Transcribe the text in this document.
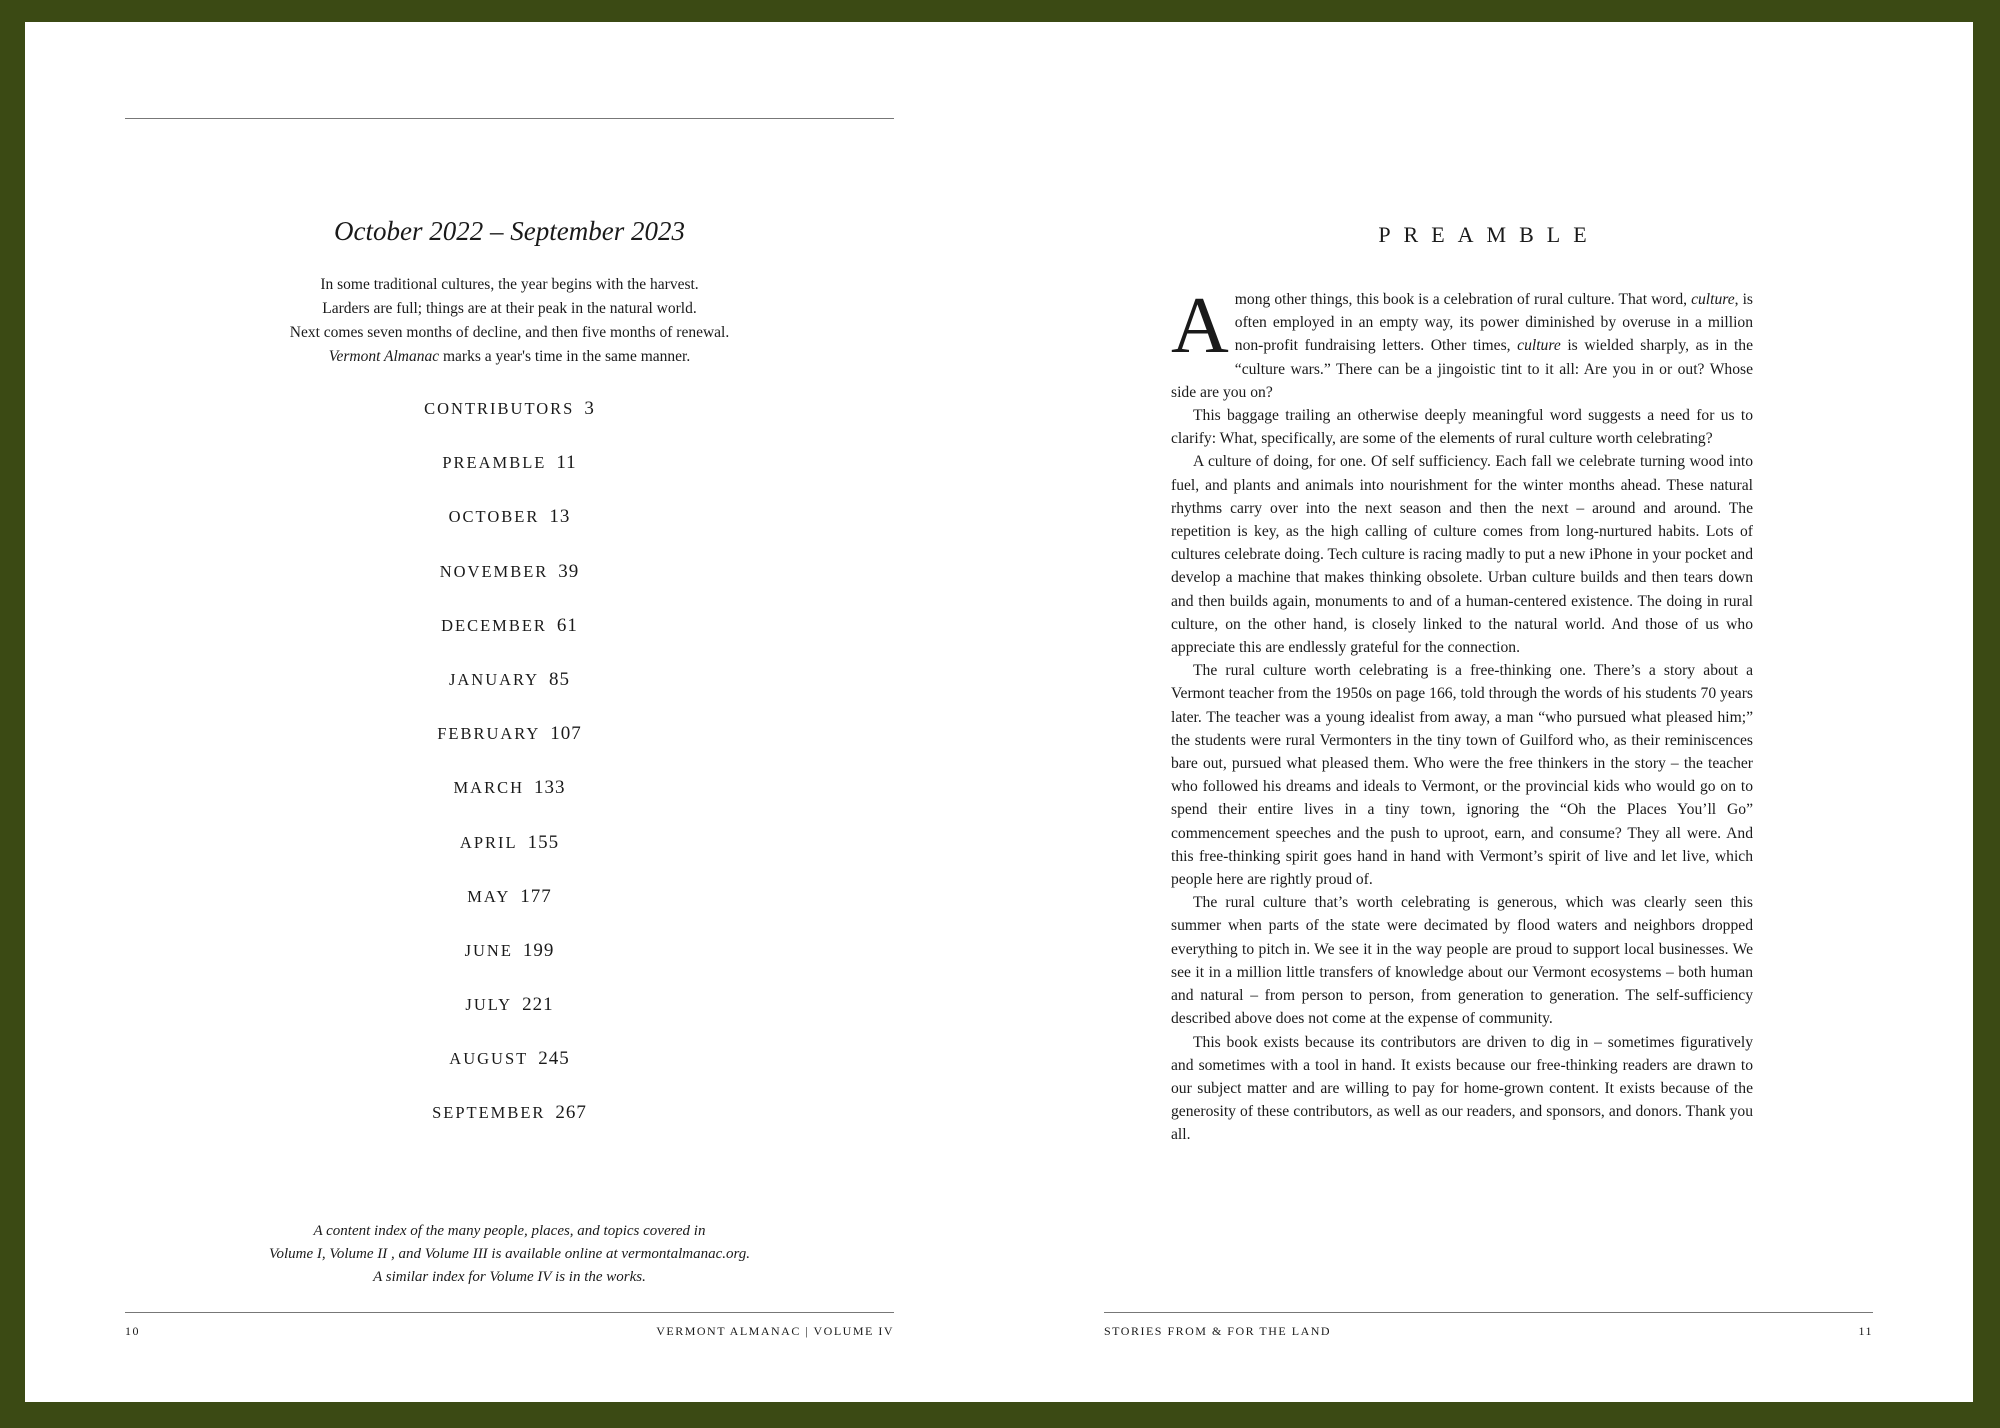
October 2022 – September 2023
In some traditional cultures, the year begins with the harvest.
Larders are full; things are at their peak in the natural world.
Next comes seven months of decline, and then five months of renewal.
Vermont Almanac marks a year's time in the same manner.
CONTRIBUTORS 3
PREAMBLE 11
OCTOBER 13
NOVEMBER 39
DECEMBER 61
JANUARY 85
FEBRUARY 107
MARCH 133
APRIL 155
MAY 177
JUNE 199
JULY 221
AUGUST 245
SEPTEMBER 267
A content index of the many people, places, and topics covered in
Volume I, Volume II , and Volume III is available online at vermontalmanac.org.
A similar index for Volume IV is in the works.
10	VERMONT ALMANAC | VOLUME IV
PREAMBLE

Among other things, this book is a celebration of rural culture. That word, culture, is often employed in an empty way, its power diminished by overuse in a million non-profit fundraising letters. Other times, culture is wielded sharply, as in the “culture wars.” There can be a jingoistic tint to it all: Are you in or out? Whose side are you on?

This baggage trailing an otherwise deeply meaningful word suggests a need for us to clarify: What, specifically, are some of the elements of rural culture worth celebrating?

A culture of doing, for one. Of self sufficiency. Each fall we celebrate turning wood into fuel, and plants and animals into nourishment for the winter months ahead. These natural rhythms carry over into the next season and then the next – around and around. The repetition is key, as the high calling of culture comes from long-nurtured habits. Lots of cultures celebrate doing. Tech culture is racing madly to put a new iPhone in your pocket and develop a machine that makes thinking obsolete. Urban culture builds and then tears down and then builds again, monuments to and of a human-centered existence. The doing in rural culture, on the other hand, is closely linked to the natural world. And those of us who appreciate this are endlessly grateful for the connection.

The rural culture worth celebrating is a free-thinking one. There’s a story about a Vermont teacher from the 1950s on page 166, told through the words of his students 70 years later. The teacher was a young idealist from away, a man “who pursued what pleased him;” the students were rural Vermonters in the tiny town of Guilford who, as their reminiscences bare out, pursued what pleased them. Who were the free thinkers in the story – the teacher who followed his dreams and ideals to Vermont, or the provincial kids who would go on to spend their entire lives in a tiny town, ignoring the “Oh the Places You’ll Go” commencement speeches and the push to uproot, earn, and consume? They all were. And this free-thinking spirit goes hand in hand with Vermont’s spirit of live and let live, which people here are rightly proud of.

The rural culture that’s worth celebrating is generous, which was clearly seen this summer when parts of the state were decimated by flood waters and neighbors dropped everything to pitch in. We see it in the way people are proud to support local businesses. We see it in a million little transfers of knowledge about our Vermont ecosystems – both human and natural – from person to person, from generation to generation. The self-sufficiency described above does not come at the expense of community.

This book exists because its contributors are driven to dig in – sometimes figuratively and sometimes with a tool in hand. It exists because our free-thinking readers are drawn to our subject matter and are willing to pay for home-grown content. It exists because of the generosity of these contributors, as well as our readers, and sponsors, and donors. Thank you all.

STORIES FROM & FOR THE LAND	11
